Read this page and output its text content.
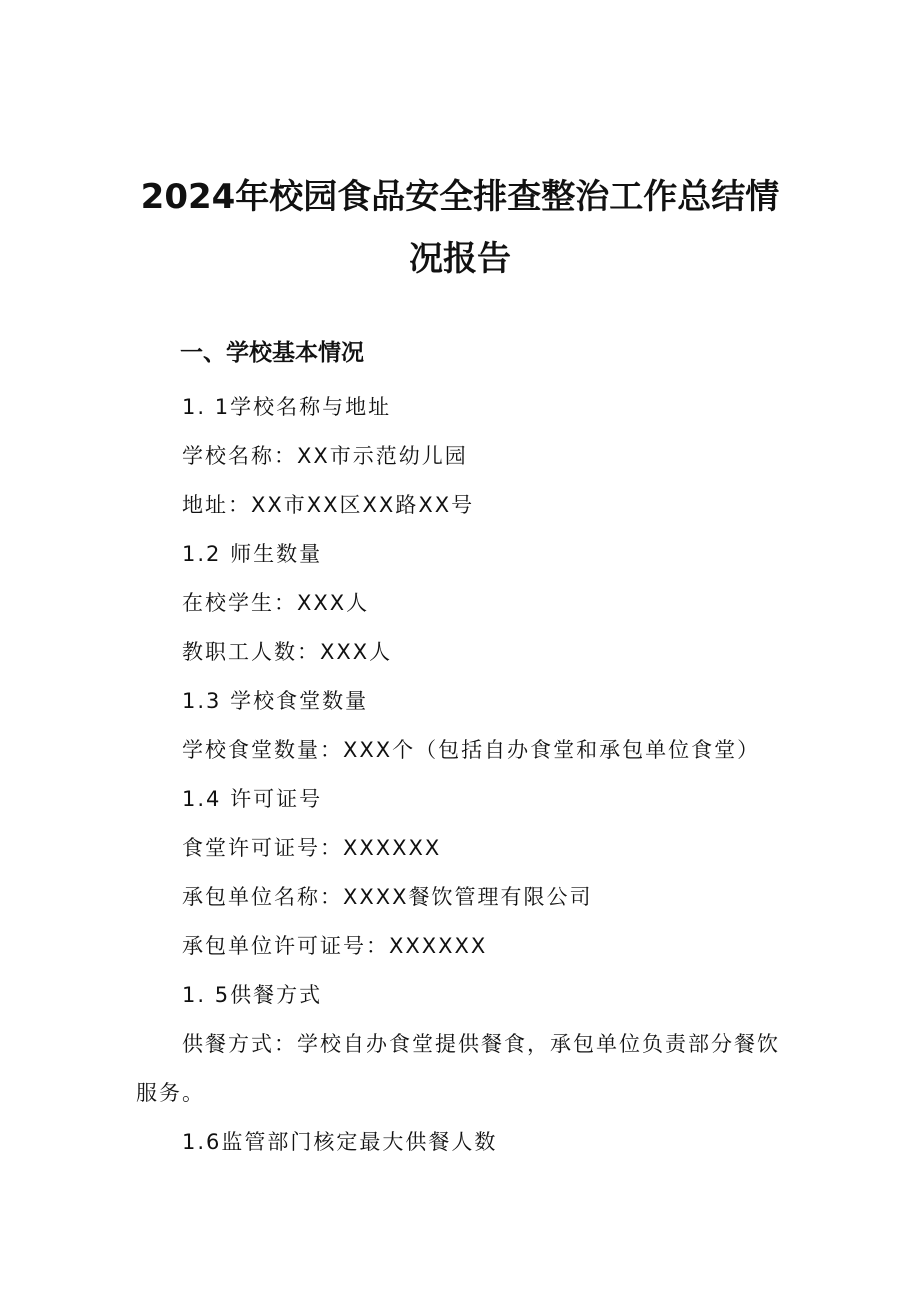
2024年校园食品安全排查整治工作总结情
况报告
一、学校基本情况
1. 1学校名称与地址
学校名称：XX市示范幼儿园
地址：XX市XX区XX路XX号
1.2 师生数量
在校学生：XXX人
教职工人数：XXX人
1.3 学校食堂数量
学校食堂数量：XXX个（包括自办食堂和承包单位食堂）
1.4 许可证号
食堂许可证号：XXXXXX
承包单位名称：XXXX餐饮管理有限公司
承包单位许可证号：XXXXXX
1. 5供餐方式
供餐方式：学校自办食堂提供餐食，承包单位负责部分餐饮
服务。
1.6监管部门核定最大供餐人数
